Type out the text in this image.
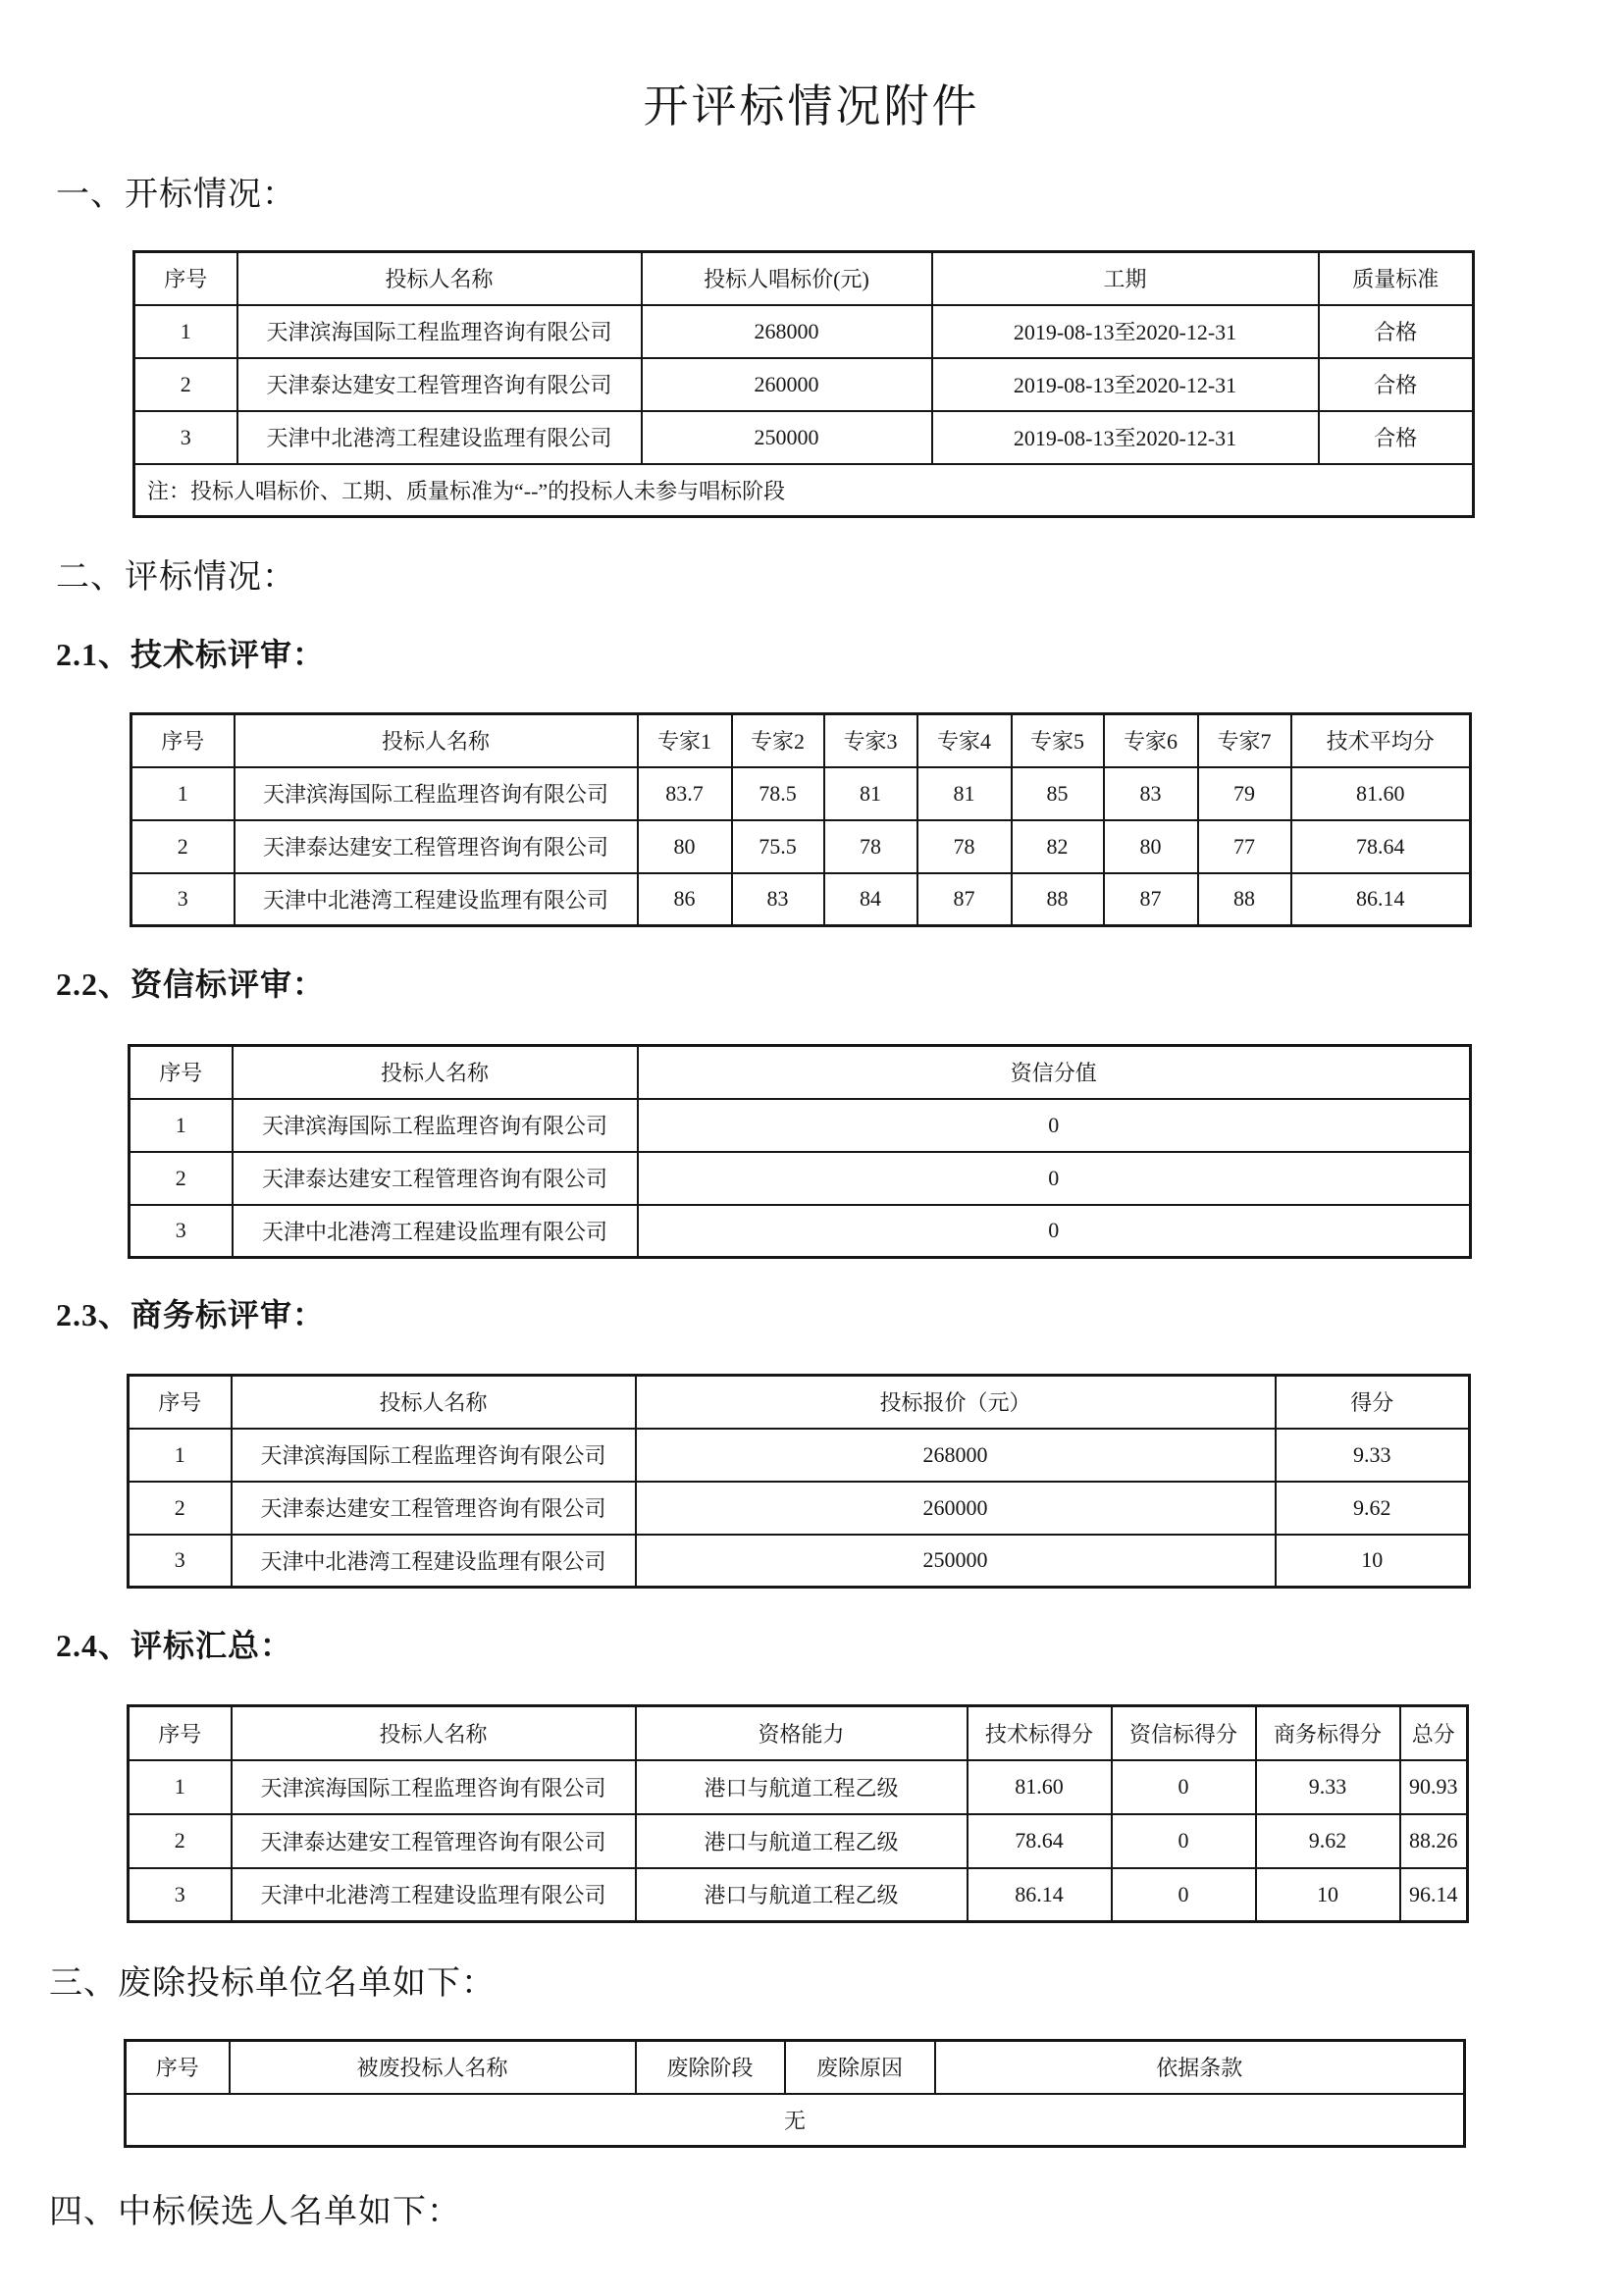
开评标情况附件
一、开标情况：
序号	投标人名称	投标人唱标价(元)	工期	质量标准
1	天津滨海国际工程监理咨询有限公司	268000	2019-08-13至2020-12-31	合格
2	天津泰达建安工程管理咨询有限公司	260000	2019-08-13至2020-12-31	合格
3	天津中北港湾工程建设监理有限公司	250000	2019-08-13至2020-12-31	合格
注：投标人唱标价、工期、质量标准为“--”的投标人未参与唱标阶段				
二、评标情况：
2.1、技术标评审：
序号	投标人名称	专家1	专家2	专家3	专家4	专家5	专家6	专家7	技术平均分
1	天津滨海国际工程监理咨询有限公司	83.7	78.5	81	81	85	83	79	81.60
2	天津泰达建安工程管理咨询有限公司	80	75.5	78	78	82	80	77	78.64
3	天津中北港湾工程建设监理有限公司	86	83	84	87	88	87	88	86.14
2.2、资信标评审：
序号	投标人名称	资信分值
1	天津滨海国际工程监理咨询有限公司	0
2	天津泰达建安工程管理咨询有限公司	0
3	天津中北港湾工程建设监理有限公司	0
2.3、商务标评审：
序号	投标人名称	投标报价（元）	得分
1	天津滨海国际工程监理咨询有限公司	268000	9.33
2	天津泰达建安工程管理咨询有限公司	260000	9.62
3	天津中北港湾工程建设监理有限公司	250000	10
2.4、评标汇总：
序号	投标人名称	资格能力	技术标得分	资信标得分	商务标得分	总分
1	天津滨海国际工程监理咨询有限公司	港口与航道工程乙级	81.60	0	9.33	90.93
2	天津泰达建安工程管理咨询有限公司	港口与航道工程乙级	78.64	0	9.62	88.26
3	天津中北港湾工程建设监理有限公司	港口与航道工程乙级	86.14	0	10	96.14
三、废除投标单位名单如下：
序号	被废投标人名称	废除阶段	废除原因	依据条款
无
四、中标候选人名单如下：
